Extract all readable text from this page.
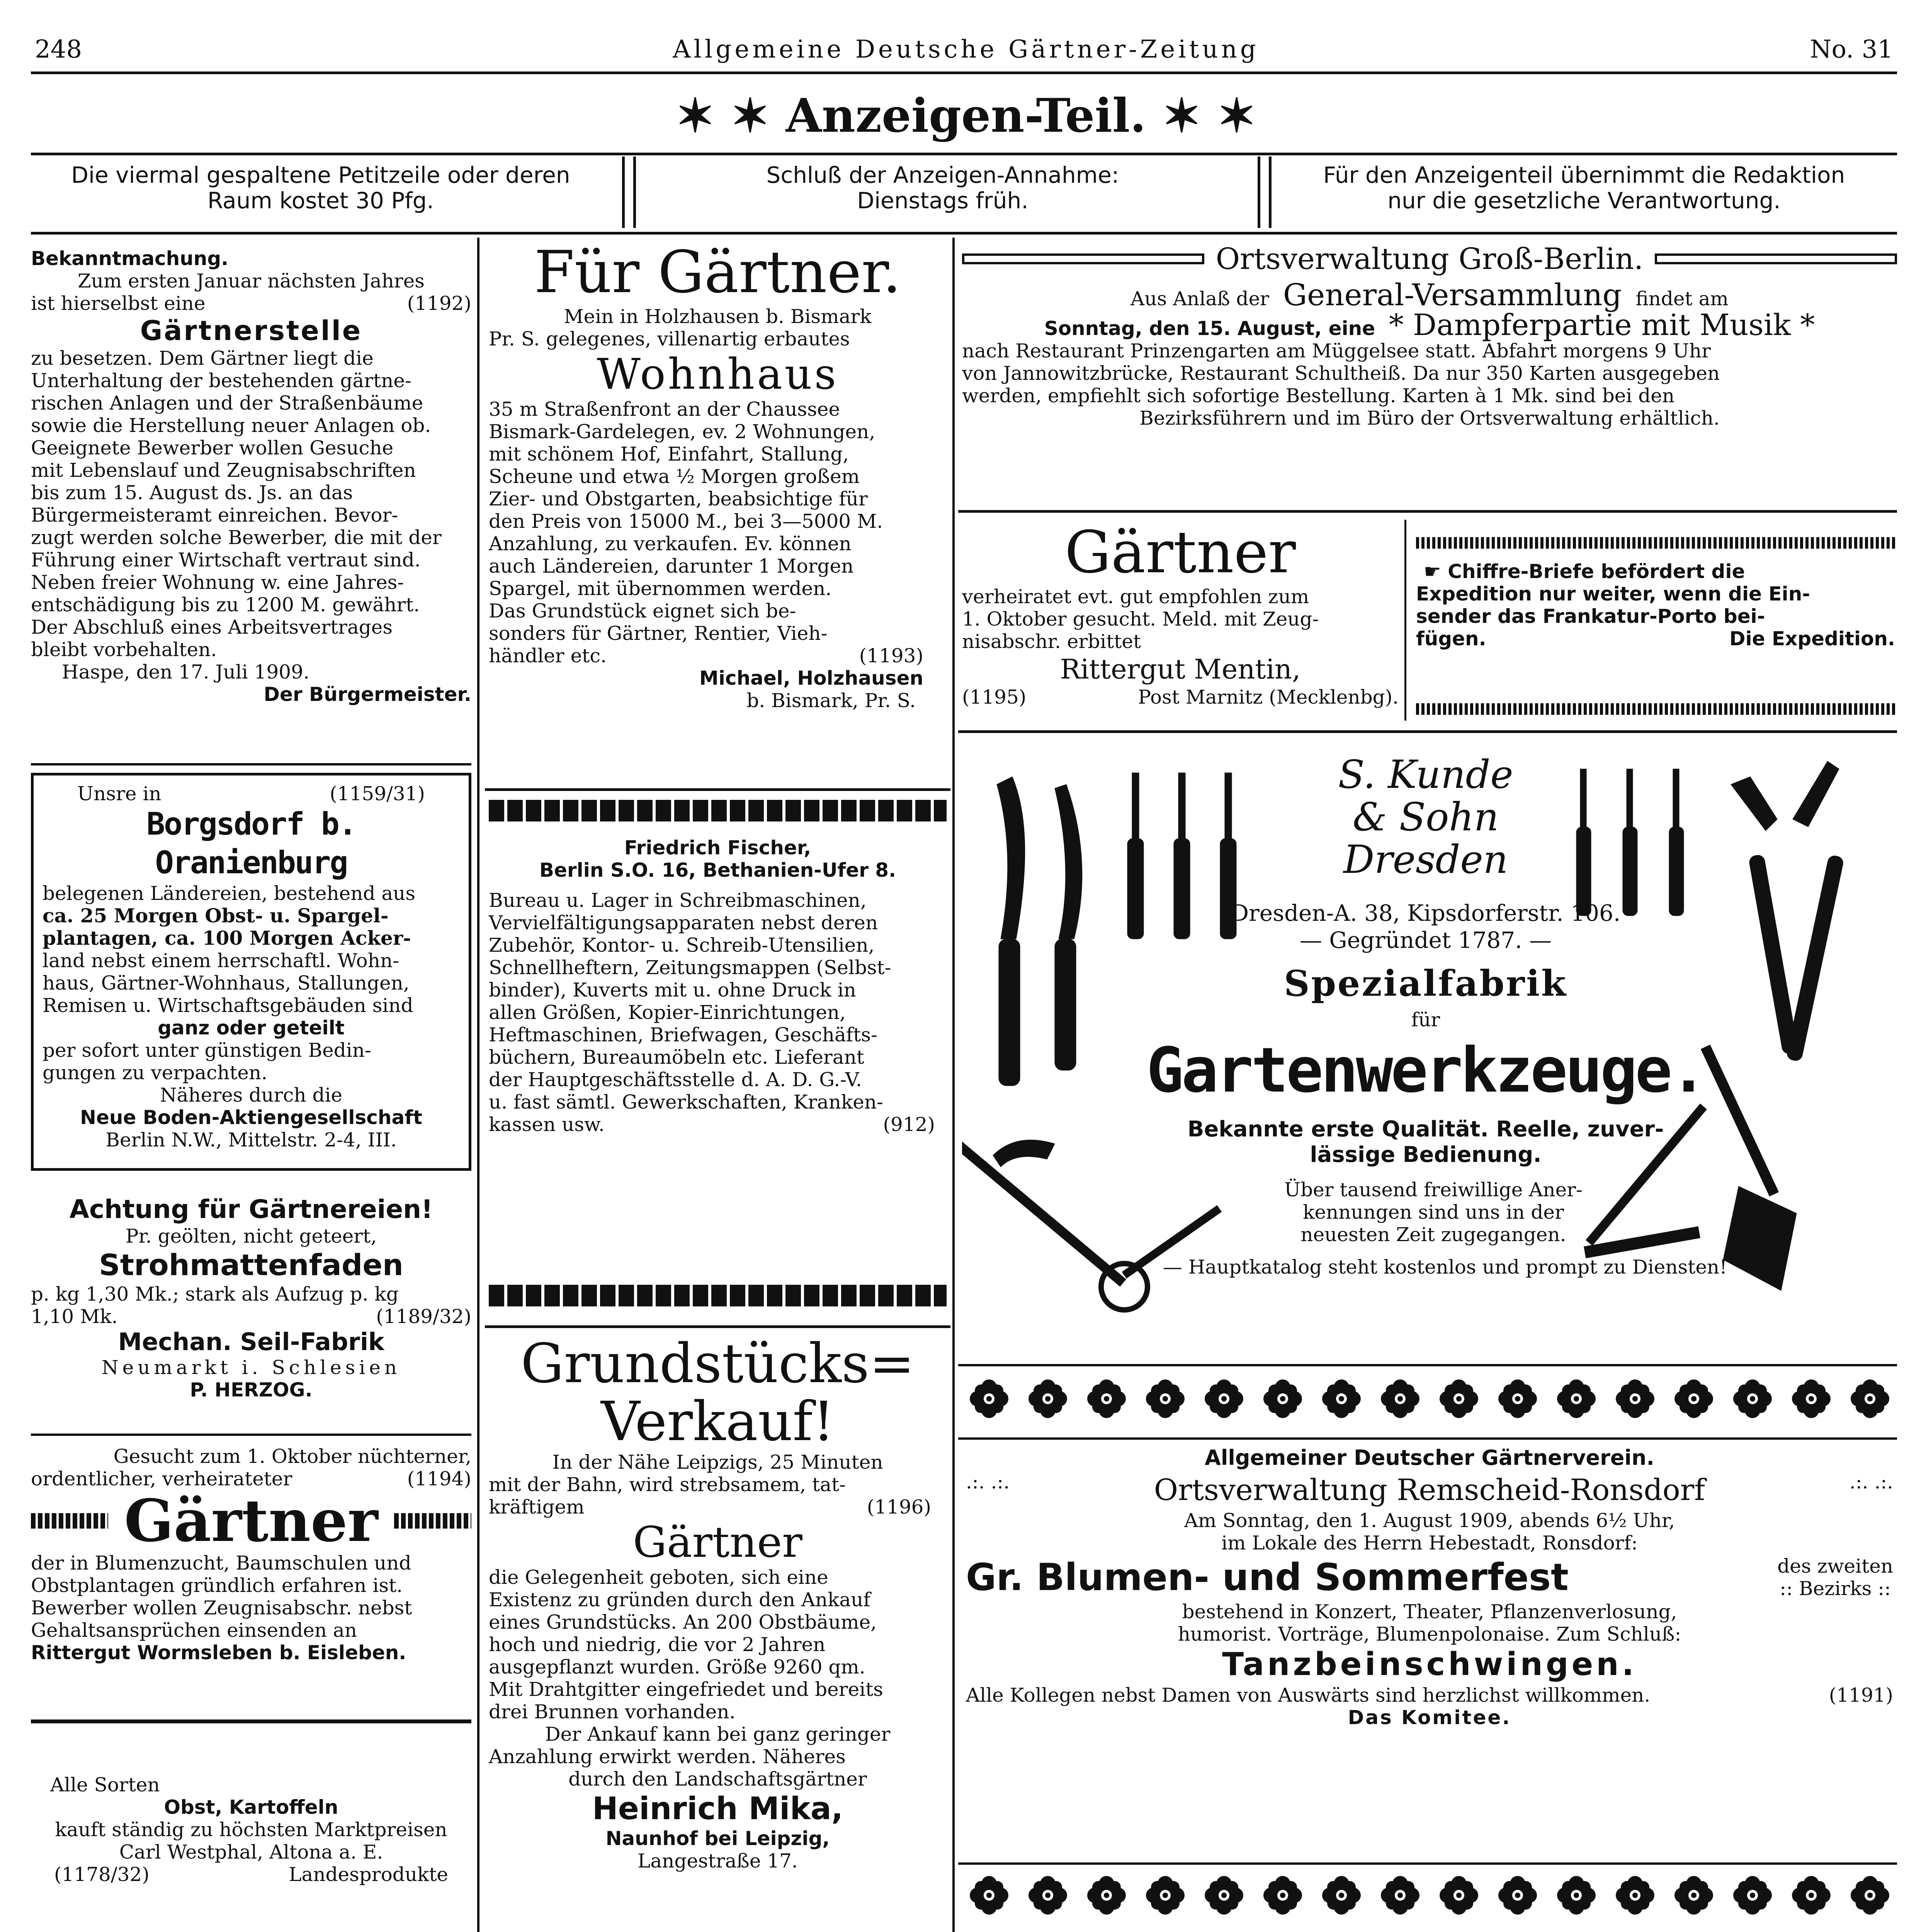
248	Allgemeine Deutsche Gärtner-Zeitung	No. 31
✶ ✶ Anzeigen-Teil. ✶ ✶
Die viermal gespaltene Petitzeile oder deren
Raum kostet 30 Pfg.
Schluß der Anzeigen-Annahme:
Dienstags früh.
Für den Anzeigenteil übernimmt die Redaktion
nur die gesetzliche Verantwortung.
Bekanntmachung.
Zum ersten Januar nächsten Jahres
ist hierselbst eine	(1192)
Gärtnerstelle
zu besetzen. Dem Gärtner liegt die
Unterhaltung der bestehenden gärtne-
rischen Anlagen und der Straßenbäume
sowie die Herstellung neuer Anlagen ob.
Geeignete Bewerber wollen Gesuche
mit Lebenslauf und Zeugnisabschriften
bis zum 15. August ds. Js. an das
Bürgermeisteramt einreichen. Bevor-
zugt werden solche Bewerber, die mit der
Führung einer Wirtschaft vertraut sind.
Neben freier Wohnung w. eine Jahres-
entschädigung bis zu 1200 M. gewährt.
Der Abschluß eines Arbeitsvertrages
bleibt vorbehalten.
Haspe, den 17. Juli 1909.
Der Bürgermeister.
Unsre in	(1159/31)
Borgsdorf b. Oranienburg
belegenen Ländereien, bestehend aus
ca. 25 Morgen Obst- u. Spargel-
plantagen, ca. 100 Morgen Acker-
land nebst einem herrschaftl. Wohn-
haus, Gärtner-Wohnhaus, Stallungen,
Remisen u. Wirtschaftsgebäuden sind
ganz oder geteilt
per sofort unter günstigen Bedin-
gungen zu verpachten.
Näheres durch die
Neue Boden-Aktiengesellschaft
Berlin N.W., Mittelstr. 2-4, III.
Achtung für Gärtnereien!
Pr. geölten, nicht geteert,
Strohmattenfaden
p. kg 1,30 Mk.; stark als Aufzug p. kg
1,10 Mk.	(1189/32)
Mechan. Seil-Fabrik
Neumarkt i. Schlesien
P. HERZOG.
Gesucht zum 1. Oktober nüchterner,
ordentlicher, verheirateter	(1194)
Gärtner
der in Blumenzucht, Baumschulen und
Obstplantagen gründlich erfahren ist.
Bewerber wollen Zeugnisabschr. nebst
Gehaltsansprüchen einsenden an
Rittergut Wormsleben b. Eisleben.
Alle Sorten
Obst, Kartoffeln
kauft ständig zu höchsten Marktpreisen
Carl Westphal, Altona a. E.
(1178/32)	Landesprodukte
Für Gärtner.
Mein in Holzhausen b. Bismark
Pr. S. gelegenes, villenartig erbautes
Wohnhaus
35 m Straßenfront an der Chaussee
Bismark-Gardelegen, ev. 2 Wohnungen,
mit schönem Hof, Einfahrt, Stallung,
Scheune und etwa ½ Morgen großem
Zier- und Obstgarten, beabsichtige für
den Preis von 15000 M., bei 3—5000 M.
Anzahlung, zu verkaufen. Ev. können
auch Ländereien, darunter 1 Morgen
Spargel, mit übernommen werden.
Das Grundstück eignet sich be-
sonders für Gärtner, Rentier, Vieh-
händler etc.	(1193)
Michael, Holzhausen
b. Bismark, Pr. S.
Friedrich Fischer,
Berlin S.O. 16, Bethanien-Ufer 8.
Bureau u. Lager in Schreibmaschinen,
Vervielfältigungsapparaten nebst deren
Zubehör, Kontor- u. Schreib-Utensilien,
Schnellheftern, Zeitungsmappen (Selbst-
binder), Kuverts mit u. ohne Druck in
allen Größen, Kopier-Einrichtungen,
Heftmaschinen, Briefwagen, Geschäfts-
büchern, Bureaumöbeln etc. Lieferant
der Hauptgeschäftsstelle d. A. D. G.-V.
u. fast sämtl. Gewerkschaften, Kranken-
kassen usw.	(912)
Grundstücks=
Verkauf!
In der Nähe Leipzigs, 25 Minuten
mit der Bahn, wird strebsamem, tat-
kräftigem	(1196)
Gärtner
die Gelegenheit geboten, sich eine
Existenz zu gründen durch den Ankauf
eines Grundstücks. An 200 Obstbäume,
hoch und niedrig, die vor 2 Jahren
ausgepflanzt wurden. Größe 9260 qm.
Mit Drahtgitter eingefriedet und bereits
drei Brunnen vorhanden.
Der Ankauf kann bei ganz geringer
Anzahlung erwirkt werden. Näheres
durch den Landschaftsgärtner
Heinrich Mika,
Naunhof bei Leipzig,
Langestraße 17.
Ortsverwaltung Groß-Berlin.
Aus Anlaß der General-Versammlung findet am
Sonntag, den 15. August, eine * Dampferpartie mit Musik *
nach Restaurant Prinzengarten am Müggelsee statt. Abfahrt morgens 9 Uhr
von Jannowitzbrücke, Restaurant Schultheiß. Da nur 350 Karten ausgegeben
werden, empfiehlt sich sofortige Bestellung. Karten à 1 Mk. sind bei den
Bezirksführern und im Büro der Ortsverwaltung erhältlich.
Gärtner
verheiratet evt. gut empfohlen zum
1. Oktober gesucht. Meld. mit Zeug-
nisabschr. erbittet
Rittergut Mentin,
(1195)	Post Marnitz (Mecklenbg).
☛ Chiffre-Briefe befördert die
Expedition nur weiter, wenn die Ein-
sender das Frankatur-Porto bei-
fügen.	Die Expedition.
S. Kunde
& Sohn
Dresden
Dresden-A. 38, Kipsdorferstr. 106.
— Gegründet 1787. —
Spezialfabrik
für
Gartenwerkzeuge.
Bekannte erste Qualität. Reelle, zuver-
lässige Bedienung.
Über tausend freiwillige Aner-
kennungen sind uns in der
neuesten Zeit zugegangen.
— Hauptkatalog steht kostenlos und prompt zu Diensten!
Allgemeiner Deutscher Gärtnerverein.
.:. .:.	Ortsverwaltung Remscheid-Ronsdorf	.:. .:.
Am Sonntag, den 1. August 1909, abends 6½ Uhr,
im Lokale des Herrn Hebestadt, Ronsdorf:
Gr. Blumen- und Sommerfest	des zweiten
:: Bezirks ::
bestehend in Konzert, Theater, Pflanzenverlosung,
humorist. Vorträge, Blumenpolonaise. Zum Schluß:
Tanzbeinschwingen.
Alle Kollegen nebst Damen von Auswärts sind herzlichst willkommen.	(1191)
Das Komitee.
